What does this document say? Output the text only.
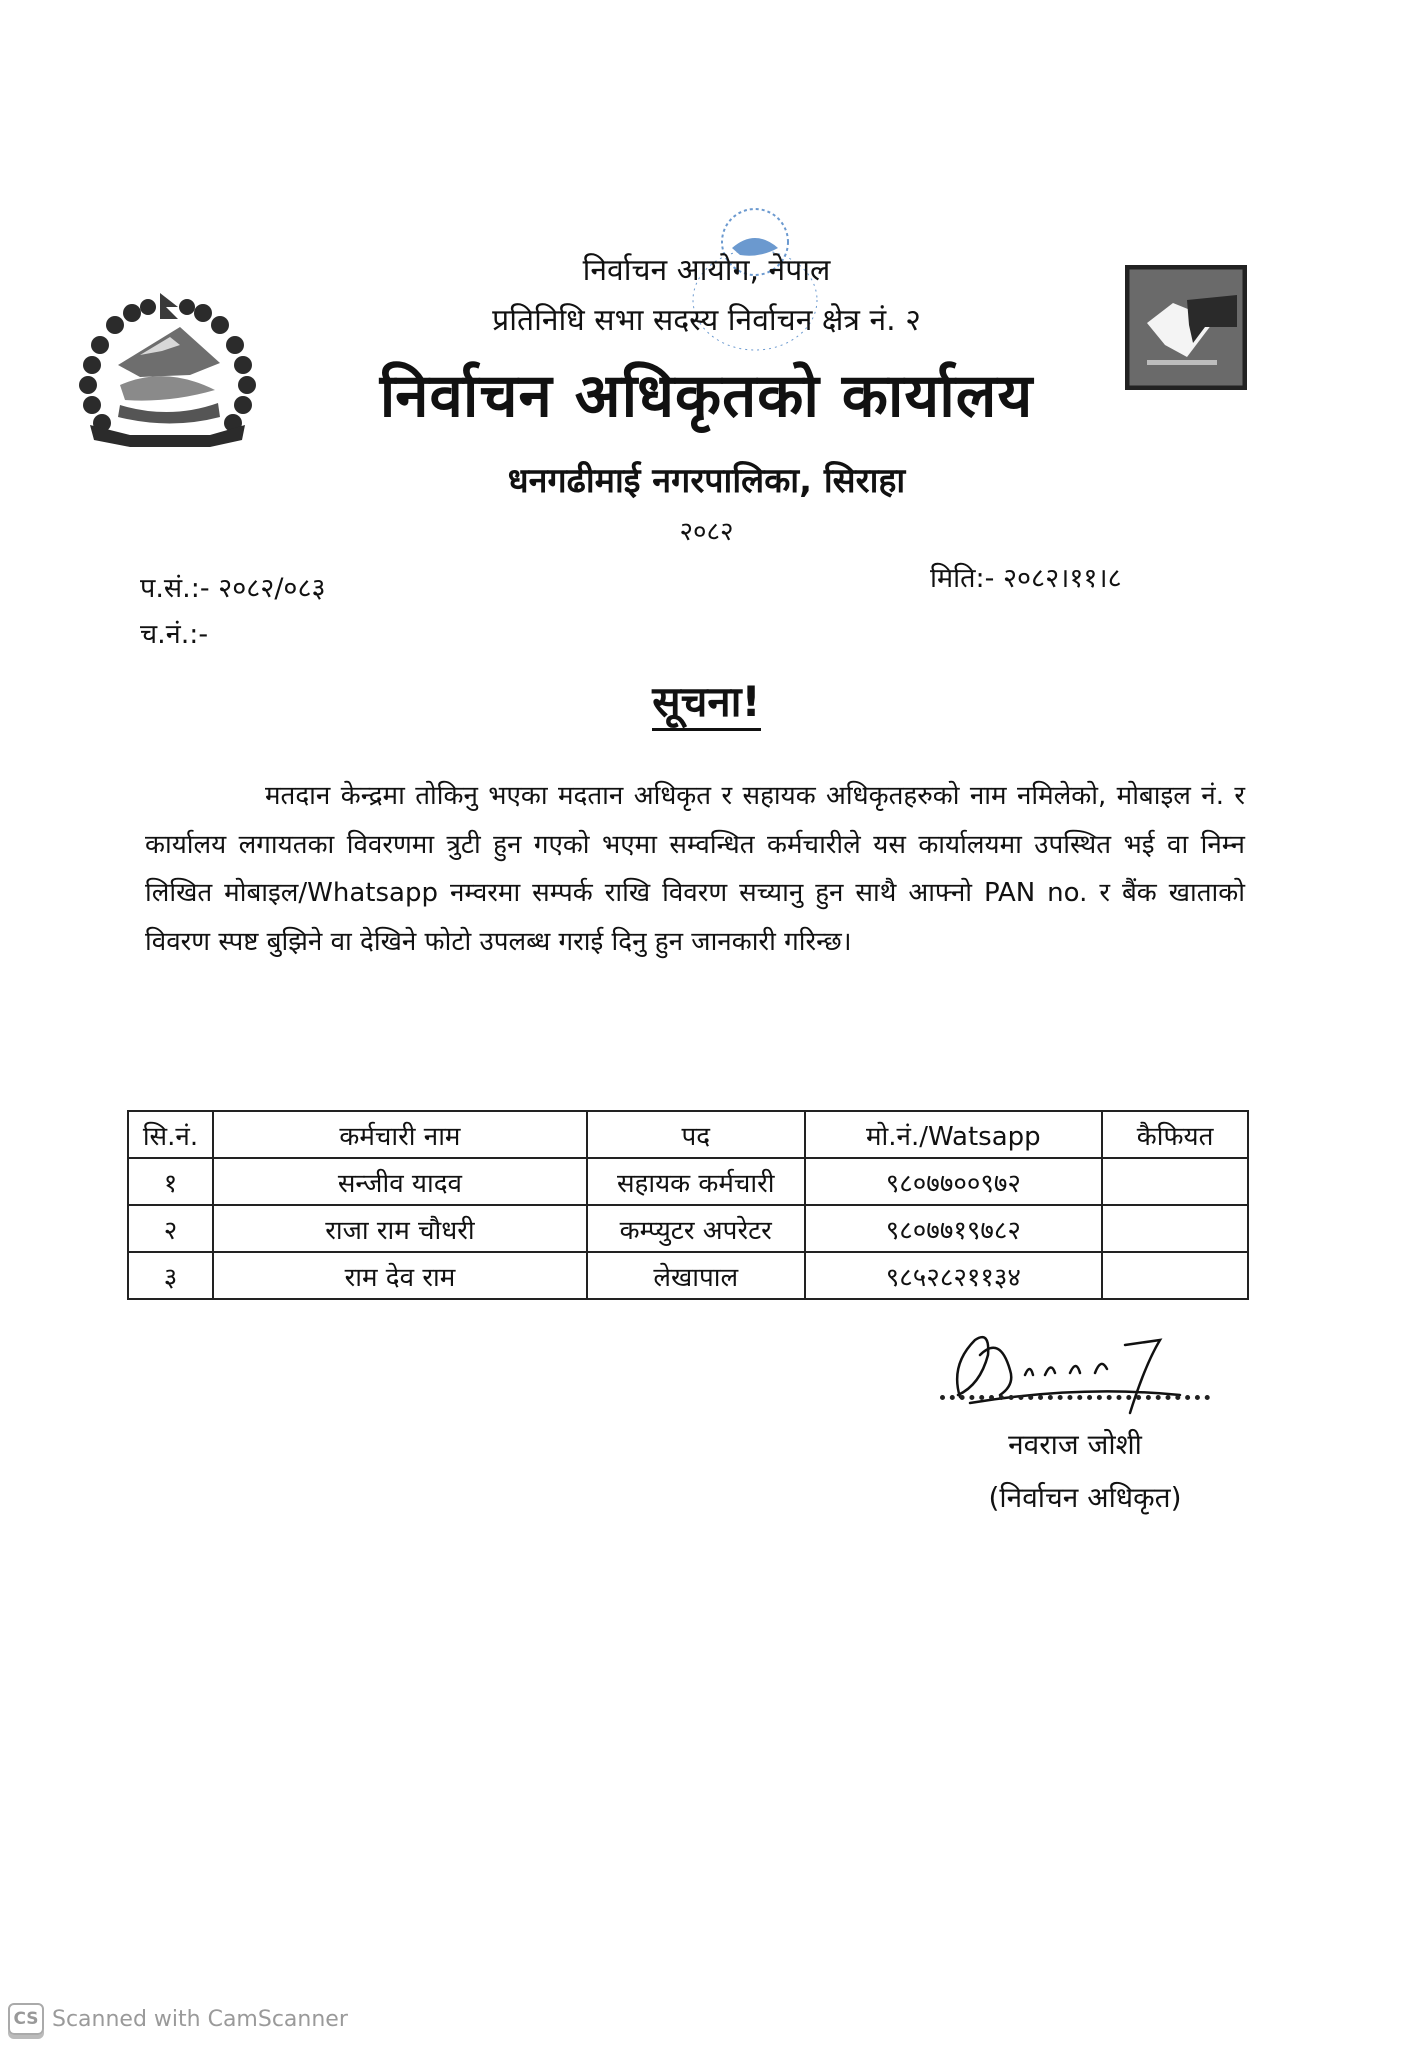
निर्वाचन आयोग, नेपाल
प्रतिनिधि सभा सदस्य निर्वाचन क्षेत्र नं. २
निर्वाचन अधिकृतको कार्यालय
धनगढीमाई नगरपालिका, सिराहा
२०८२
प.सं.:- २०८२/०८३
च.नं.:-
मिति:- २०८२।११।८
सूचना!
मतदान केन्द्रमा तोकिनु भएका मदतान अधिकृत र सहायक अधिकृतहरुको नाम नमिलेको, मोबाइल नं. र कार्यालय लगायतका विवरणमा त्रुटी हुन गएको भएमा सम्वन्धित कर्मचारीले यस कार्यालयमा उपस्थित भई वा निम्न लिखित मोबाइल/Whatsapp नम्वरमा सम्पर्क राखि विवरण सच्यानु हुन साथै आफ्नो PAN no. र बैंक खाताको विवरण स्पष्ट बुझिने वा देखिने फोटो उपलब्ध गराई दिनु हुन जानकारी गरिन्छ।
सि.नं.	कर्मचारी नाम	पद	मो.नं./Watsapp	कैफियत
१	सन्जीव यादव	सहायक कर्मचारी	९८०७७००९७२	
२	राजा राम चौधरी	कम्प्युटर अपरेटर	९८०७७१९७८२	
३	राम देव राम	लेखापाल	९८५२८२११३४	
नवराज जोशी
(निर्वाचन अधिकृत)
CS Scanned with CamScanner
